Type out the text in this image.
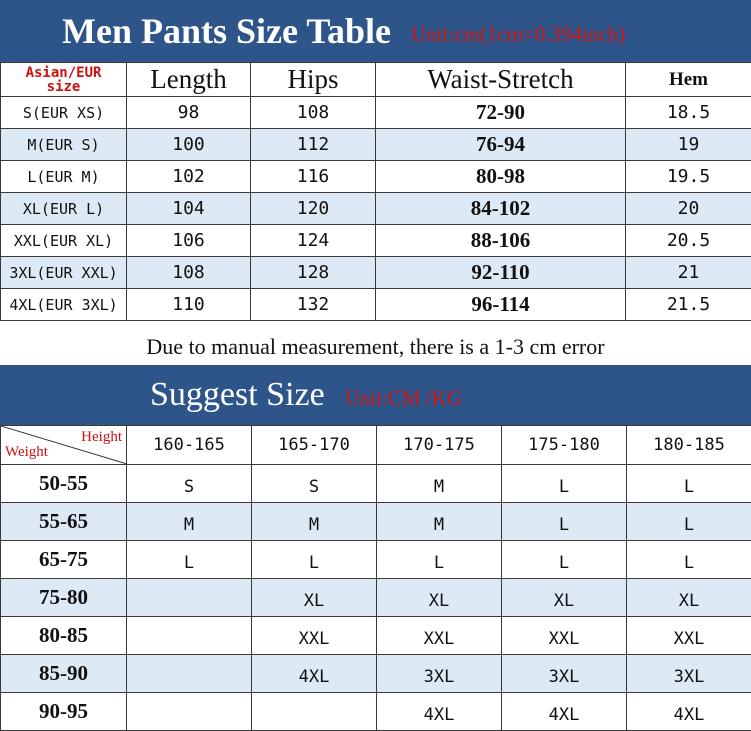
Men Pants Size Table Unit:cm(1cm=0.394inch)
Asian/EUR
size	Length	Hips	Waist-Stretch	Hem
S(EUR XS)	98	108	72-90	18.5
M(EUR S)	100	112	76-94	19
L(EUR M)	102	116	80-98	19.5
XL(EUR L)	104	120	84-102	20
XXL(EUR XL)	106	124	88-106	20.5
3XL(EUR XXL)	108	128	92-110	21
4XL(EUR 3XL)	110	132	96-114	21.5
Due to manual measurement, there is a 1-3 cm error
Suggest Size Unit:CM /KG
Height
Weight	160-165	165-170	170-175	175-180	180-185
50-55	S	S	M	L	L
55-65	M	M	M	L	L
65-75	L	L	L	L	L
75-80		XL	XL	XL	XL
80-85		XXL	XXL	XXL	XXL
85-90		4XL	3XL	3XL	3XL
90-95			4XL	4XL	4XL
